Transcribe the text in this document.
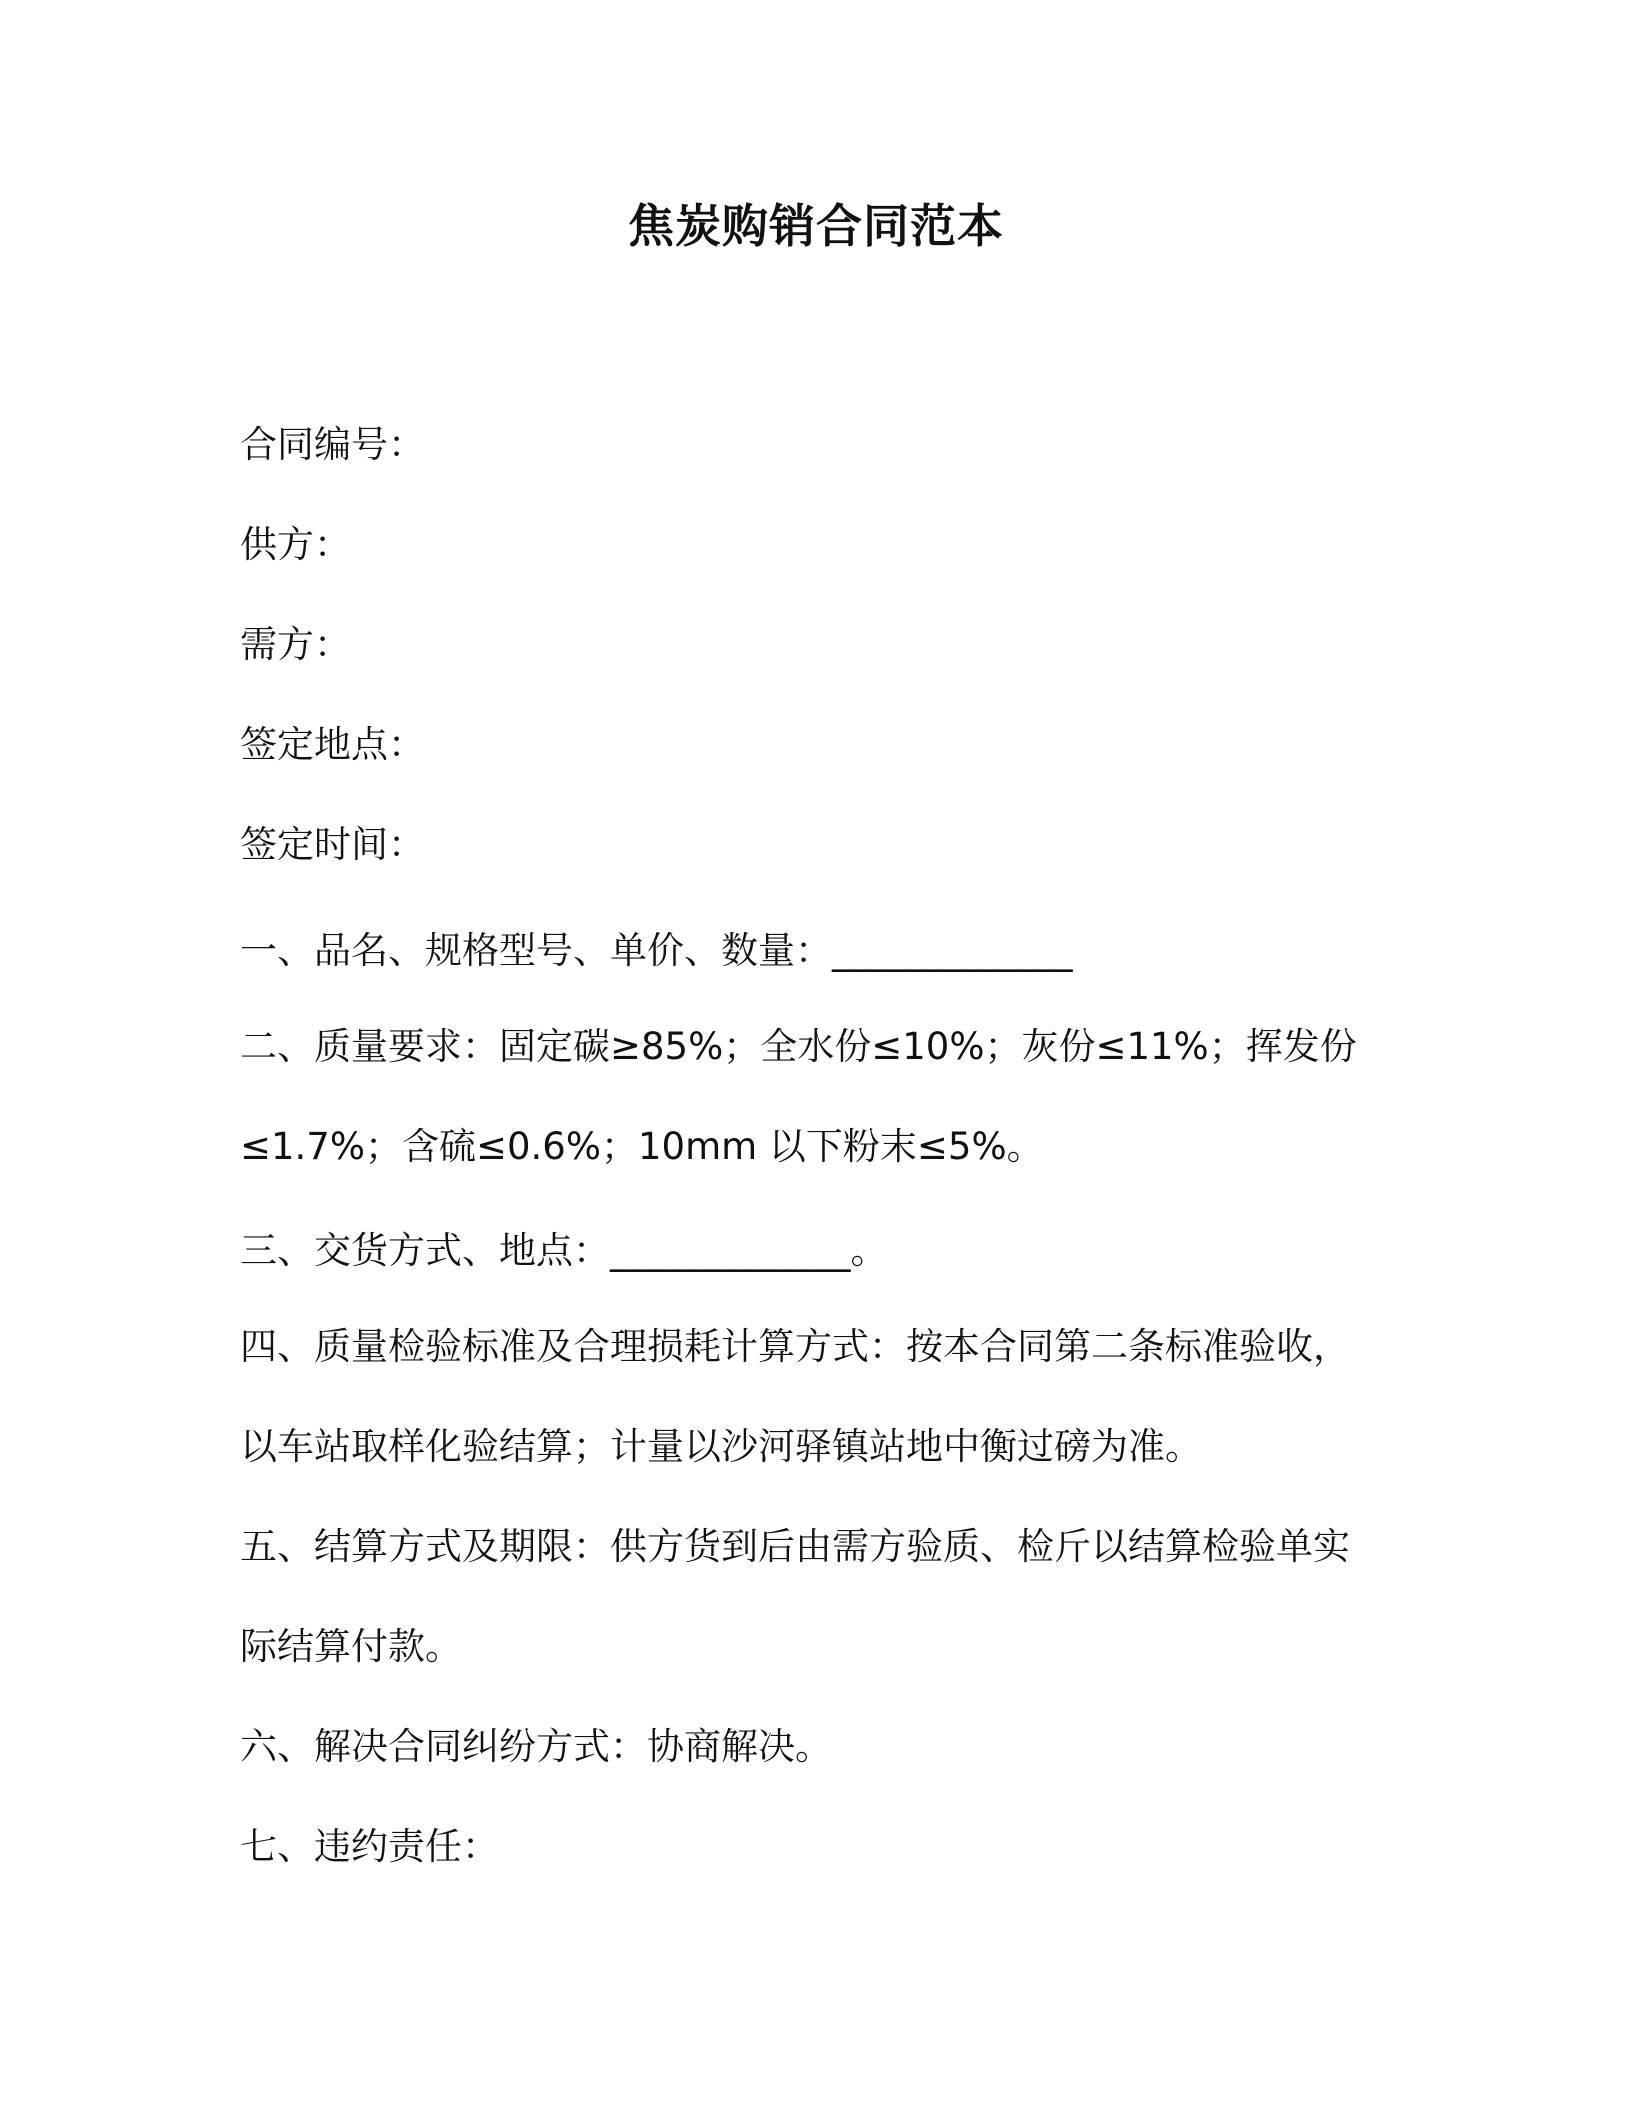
焦炭购销合同范本

合同编号：

供方：

需方：

签定地点：

签定时间：

一、品名、规格型号、单价、数量：_____________

二、质量要求：固定碳≥85%；全水份≤10%；灰份≤11%；挥发份

≤1.7%；含硫≤0.6%；10mm 以下粉末≤5%。

三、交货方式、地点：_____________。

四、质量检验标准及合理损耗计算方式：按本合同第二条标准验收，

以车站取样化验结算；计量以沙河驿镇站地中衡过磅为准。

五、结算方式及期限：供方货到后由需方验质、检斤以结算检验单实

际结算付款。

六、解决合同纠纷方式：协商解决。

七、违约责任：
